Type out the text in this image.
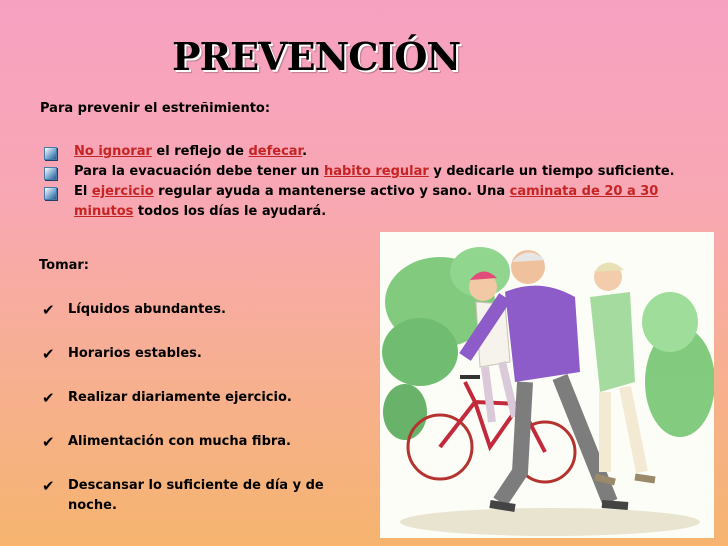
PREVENCIÓN
Para prevenir el estreñimiento:
No ignorar el reflejo de defecar.
Para la evacuación debe tener un habito regular y dedicarle un tiempo suficiente.
El ejercicio regular ayuda a mantenerse activo y sano. Una caminata de 20 a 30 minutos todos los días le ayudará.
Tomar:
✔ Líquidos abundantes.
✔ Horarios estables.
✔ Realizar diariamente ejercicio.
✔ Alimentación con mucha fibra.
✔ Descansar lo suficiente de día y de noche.
